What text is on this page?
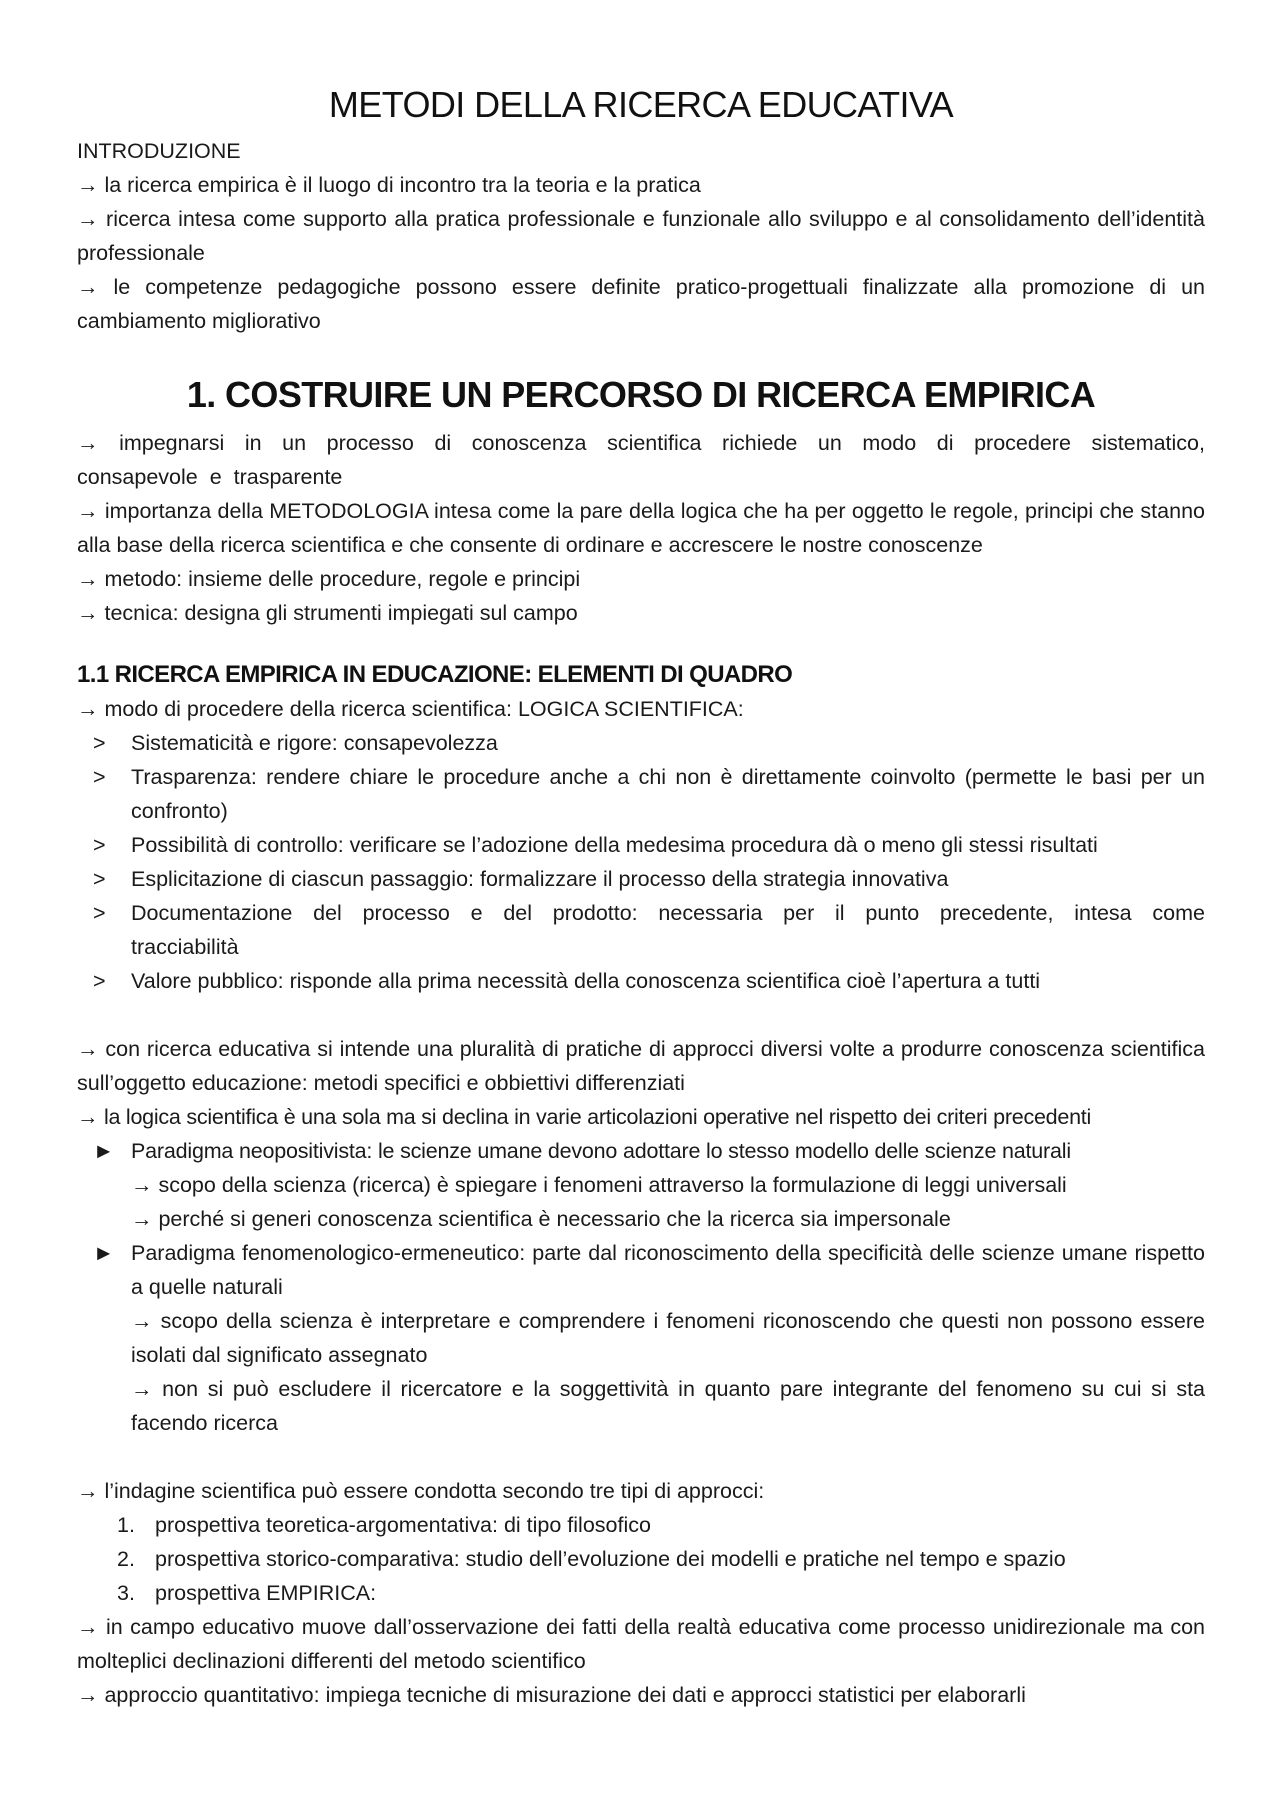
METODI DELLA RICERCA EDUCATIVA

INTRODUZIONE

→ la ricerca empirica è il luogo di incontro tra la teoria e la pratica

→ ricerca intesa come supporto alla pratica professionale e funzionale allo sviluppo e al consolidamento dell’identità professionale

→ le competenze pedagogiche possono essere definite pratico-progettuali finalizzate alla promozione di un cambiamento migliorativo

1. COSTRUIRE UN PERCORSO DI RICERCA EMPIRICA

→ impegnarsi in un processo di conoscenza scientifica richiede un modo di procedere sistematico, consapevole e trasparente

→ importanza della METODOLOGIA intesa come la pare della logica che ha per oggetto le regole, principi che stanno alla base della ricerca scientifica e che consente di ordinare e accrescere le nostre conoscenze

→ metodo: insieme delle procedure, regole e principi

→ tecnica: designa gli strumenti impiegati sul campo

1.1 RICERCA EMPIRICA IN EDUCAZIONE: ELEMENTI DI QUADRO

→ modo di procedere della ricerca scientifica: LOGICA SCIENTIFICA:

> Sistematicità e rigore: consapevolezza
> Trasparenza: rendere chiare le procedure anche a chi non è direttamente coinvolto (permette le basi per un confronto)
> Possibilità di controllo: verificare se l’adozione della medesima procedura dà o meno gli stessi risultati
> Esplicitazione di ciascun passaggio: formalizzare il processo della strategia innovativa
> Documentazione del processo e del prodotto: necessaria per il punto precedente, intesa come tracciabilità
> Valore pubblico: risponde alla prima necessità della conoscenza scientifica cioè l’apertura a tutti

→ con ricerca educativa si intende una pluralità di pratiche di approcci diversi volte a produrre conoscenza scientifica sull’oggetto educazione: metodi specifici e obbiettivi differenziati

→ la logica scientifica è una sola ma si declina in varie articolazioni operative nel rispetto dei criteri precedenti

► Paradigma neopositivista: le scienze umane devono adottare lo stesso modello delle scienze naturali

→ scopo della scienza (ricerca) è spiegare i fenomeni attraverso la formulazione di leggi universali

→ perché si generi conoscenza scientifica è necessario che la ricerca sia impersonale

► Paradigma fenomenologico-ermeneutico: parte dal riconoscimento della specificità delle scienze umane rispetto a quelle naturali

→ scopo della scienza è interpretare e comprendere i fenomeni riconoscendo che questi non possono essere isolati dal significato assegnato

→ non si può escludere il ricercatore e la soggettività in quanto pare integrante del fenomeno su cui si sta facendo ricerca

→ l’indagine scientifica può essere condotta secondo tre tipi di approcci:

1. prospettiva teoretica-argomentativa: di tipo filosofico
2. prospettiva storico-comparativa: studio dell’evoluzione dei modelli e pratiche nel tempo e spazio
3. prospettiva EMPIRICA:

→ in campo educativo muove dall’osservazione dei fatti della realtà educativa come processo unidirezionale ma con molteplici declinazioni differenti del metodo scientifico

→ approccio quantitativo: impiega tecniche di misurazione dei dati e approcci statistici per elaborarli
